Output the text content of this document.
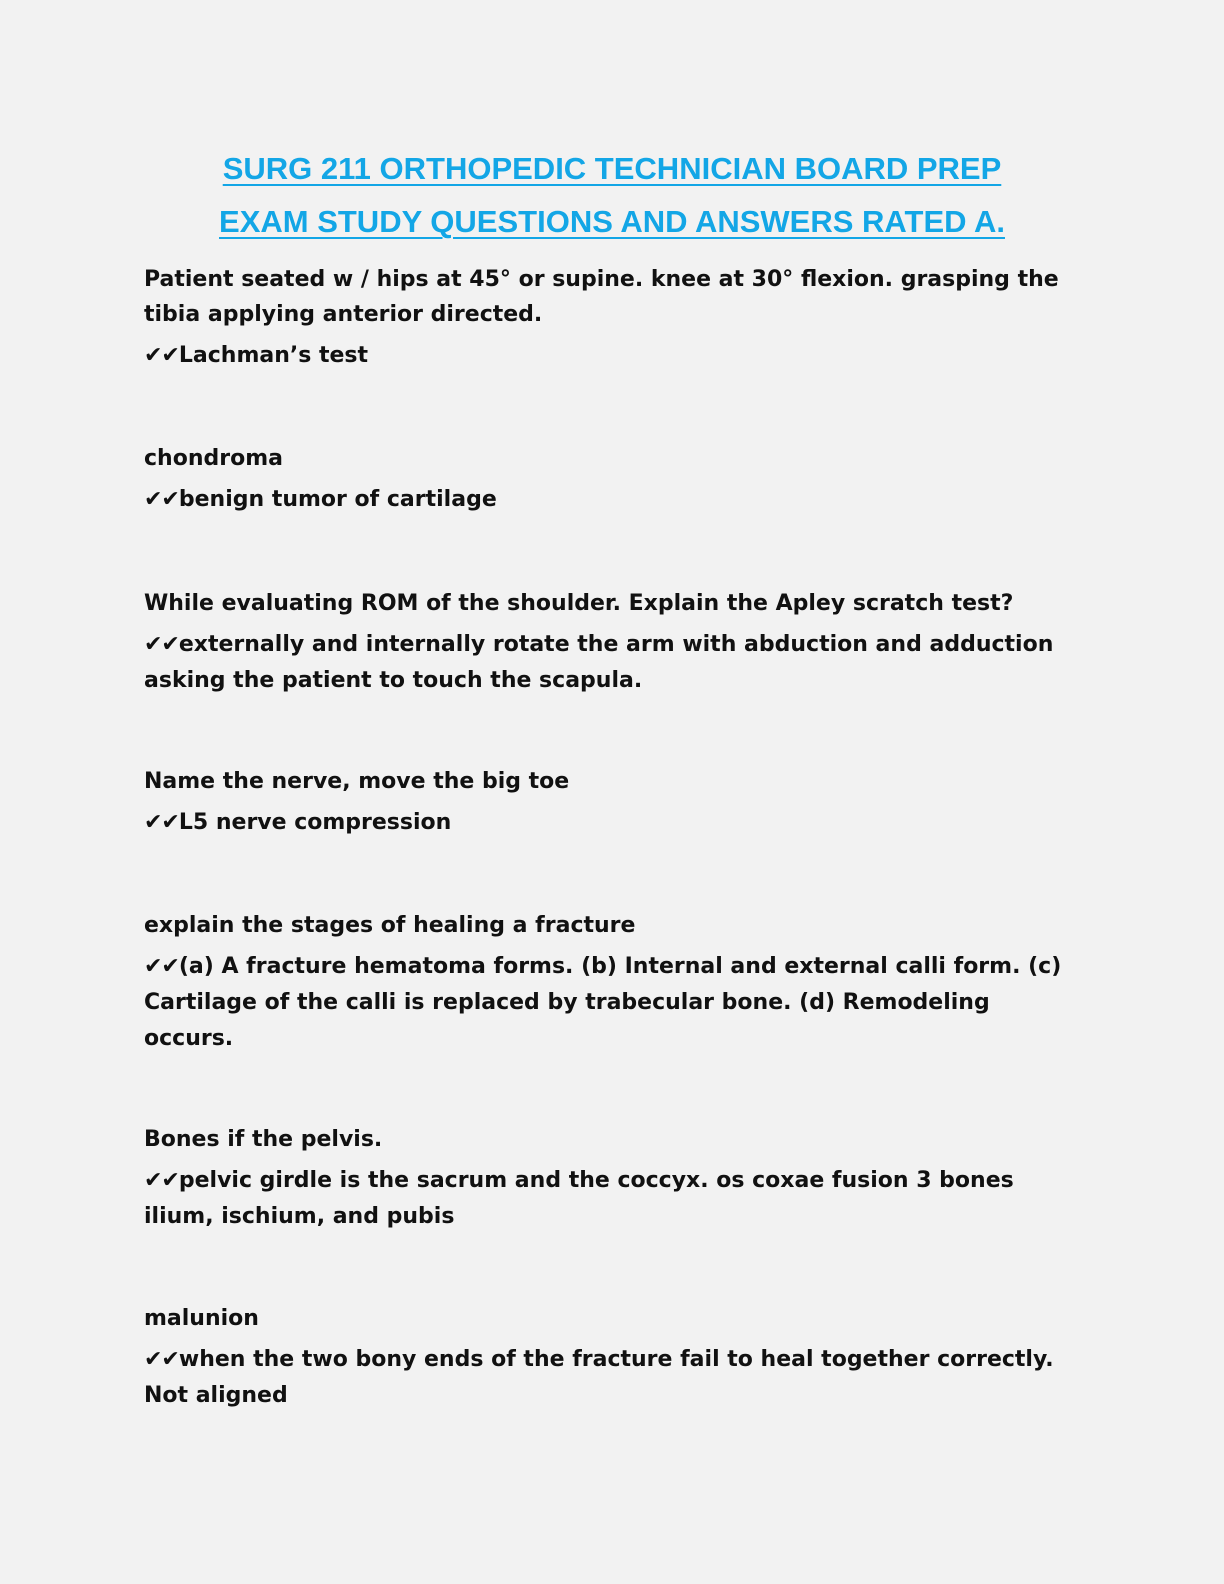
SURG 211 ORTHOPEDIC TECHNICIAN BOARD PREP
EXAM STUDY QUESTIONS AND ANSWERS RATED A.

Patient seated w / hips at 45° or supine. knee at 30° flexion. grasping the tibia applying anterior directed.

✔✔Lachman’s test

chondroma

✔✔benign tumor of cartilage

While evaluating ROM of the shoulder. Explain the Apley scratch test?

✔✔externally and internally rotate the arm with abduction and adduction asking the patient to touch the scapula.

Name the nerve, move the big toe

✔✔L5 nerve compression

explain the stages of healing a fracture

✔✔(a) A fracture hematoma forms. (b) Internal and external calli form. (c) Cartilage of the calli is replaced by trabecular bone. (d) Remodeling occurs.

Bones if the pelvis.

✔✔pelvic girdle is the sacrum and the coccyx. os coxae fusion 3 bones ilium, ischium, and pubis

malunion

✔✔when the two bony ends of the fracture fail to heal together correctly. Not aligned
